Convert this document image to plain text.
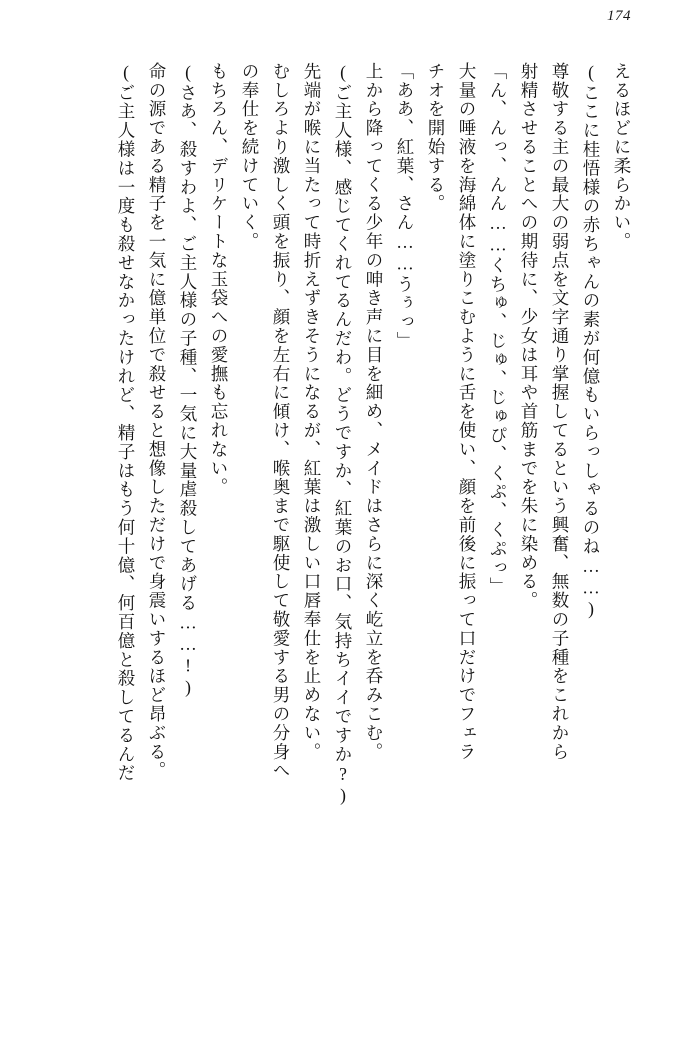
174
えるほどに柔らかい。
(ここに桂悟様の赤ちゃんの素が何億もいらっしゃるのね……)
尊敬する主の最大の弱点を文字通り掌握してるという興奮、無数の子種をこれから
射精させることへの期待に、少女は耳や首筋までを朱に染める。
「ん、んっ、んん……くちゅ、じゅ、じゅぴ、くぷ、くぷっ」
大量の唾液を海綿体に塗りこむように舌を使い、顔を前後に振って口だけでフェラ
チオを開始する。
「ああ、紅葉、さん……うぅっ」
上から降ってくる少年の呻き声に目を細め、メイドはさらに深く屹立を呑みこむ。
(ご主人様、感じてくれてるんだわ。どうですか、紅葉のお口、気持ちイイですか?)
先端が喉に当たって時折えずきそうになるが、紅葉は激しい口唇奉仕を止めない。
むしろより激しく頭を振り、顔を左右に傾け、喉奥まで駆使して敬愛する男の分身へ
の奉仕を続けていく。
もちろん、デリケートな玉袋への愛撫も忘れない。
(さあ、殺すわよ、ご主人様の子種、一気に大量虐殺してあげる……!)
命の源である精子を一気に億単位で殺せると想像しただけで身震いするほど昂ぶる。
(ご主人様は一度も殺せなかったけれど、精子はもう何十億、何百億と殺してるんだ
